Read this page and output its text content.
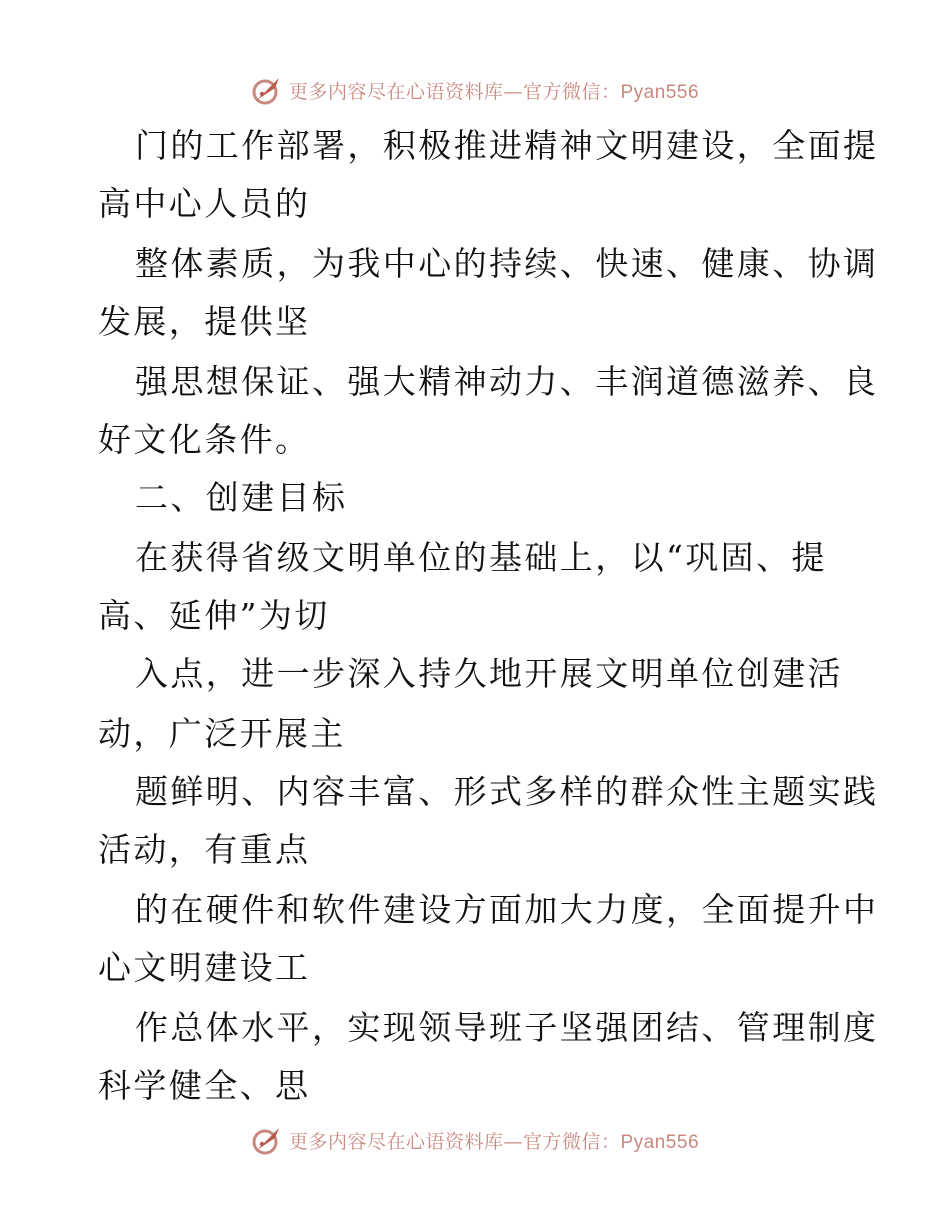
更多内容尽在心语资料库—官方微信：Pyan556
门的工作部署，积极推进精神文明建设，全面提
高中心人员的
整体素质，为我中心的持续、快速、健康、协调
发展，提供坚
强思想保证、强大精神动力、丰润道德滋养、良
好文化条件。
二、创建目标
在获得省级文明单位的基础上，以“巩固、提
高、延伸”为切
入点，进一步深入持久地开展文明单位创建活
动，广泛开展主
题鲜明、内容丰富、形式多样的群众性主题实践
活动，有重点
的在硬件和软件建设方面加大力度，全面提升中
心文明建设工
作总体水平，实现领导班子坚强团结、管理制度
科学健全、思
更多内容尽在心语资料库—官方微信：Pyan556
